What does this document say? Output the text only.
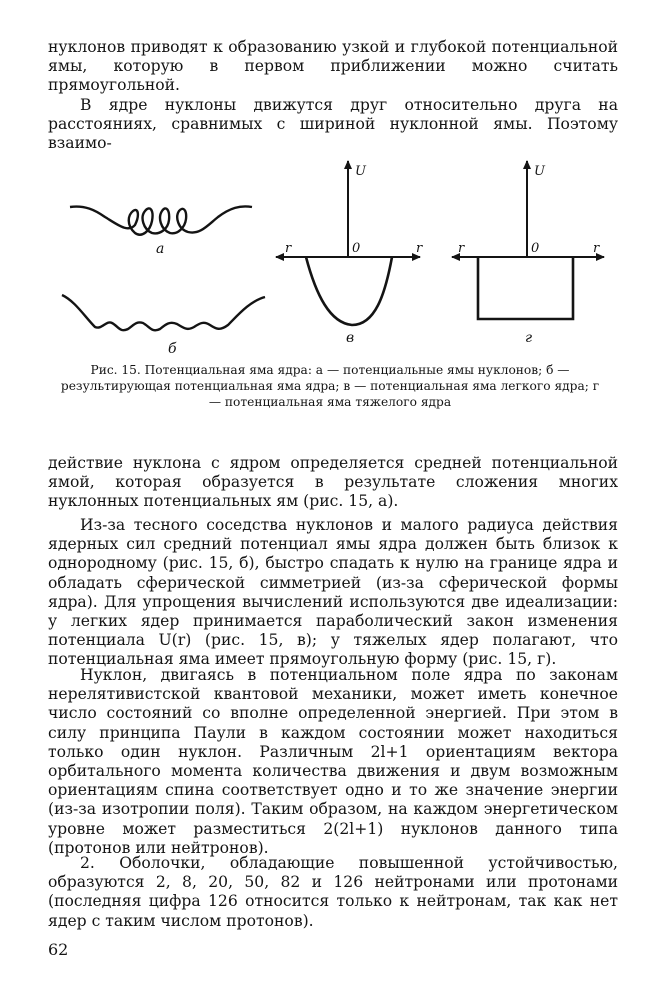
нуклонов приводят к образованию узкой и глубокой потенциальной ямы, которую в первом приближении можно считать прямоугольной.

В ядре нуклоны движутся друг относительно друга на расстояниях, сравнимых с шириной нуклонной ямы. Поэтому взаимо-

а
б
U
r	r
0
в
U
r	r
0
г
Рис. 15. Потенциальная яма ядра: а — потенциальные ямы нуклонов; б — результирующая потенциальная яма ядра; в — потенциальная яма легкого ядра; г — потенциальная яма тяжелого ядра

действие нуклона с ядром определяется средней потенциальной ямой, которая образуется в результате сложения многих нуклонных потенциальных ям (рис. 15, а).

Из-за тесного соседства нуклонов и малого радиуса действия ядерных сил средний потенциал ямы ядра должен быть близок к однородному (рис. 15, б), быстро спадать к нулю на границе ядра и обладать сферической симметрией (из-за сферической формы ядра). Для упрощения вычислений используются две идеализации: у легких ядер принимается параболический закон изменения потенциала U(r) (рис. 15, в); у тяжелых ядер полагают, что потенциальная яма имеет прямоугольную форму (рис. 15, г).

Нуклон, двигаясь в потенциальном поле ядра по законам нерелятивистской квантовой механики, может иметь конечное число состояний со вполне определенной энергией. При этом в силу принципа Паули в каждом состоянии может находиться только один нуклон. Различным 2l+1 ориентациям вектора орбитального момента количества движения и двум возможным ориентациям спина соответствует одно и то же значение энергии (из-за изотропии поля). Таким образом, на каждом энергетическом уровне может разместиться 2(2l+1) нуклонов данного типа (протонов или нейтронов).

2. Оболочки, обладающие повышенной устойчивостью, образуются 2, 8, 20, 50, 82 и 126 нейтронами или протонами (последняя цифра 126 относится только к нейтронам, так как нет ядер с таким числом протонов).

62
